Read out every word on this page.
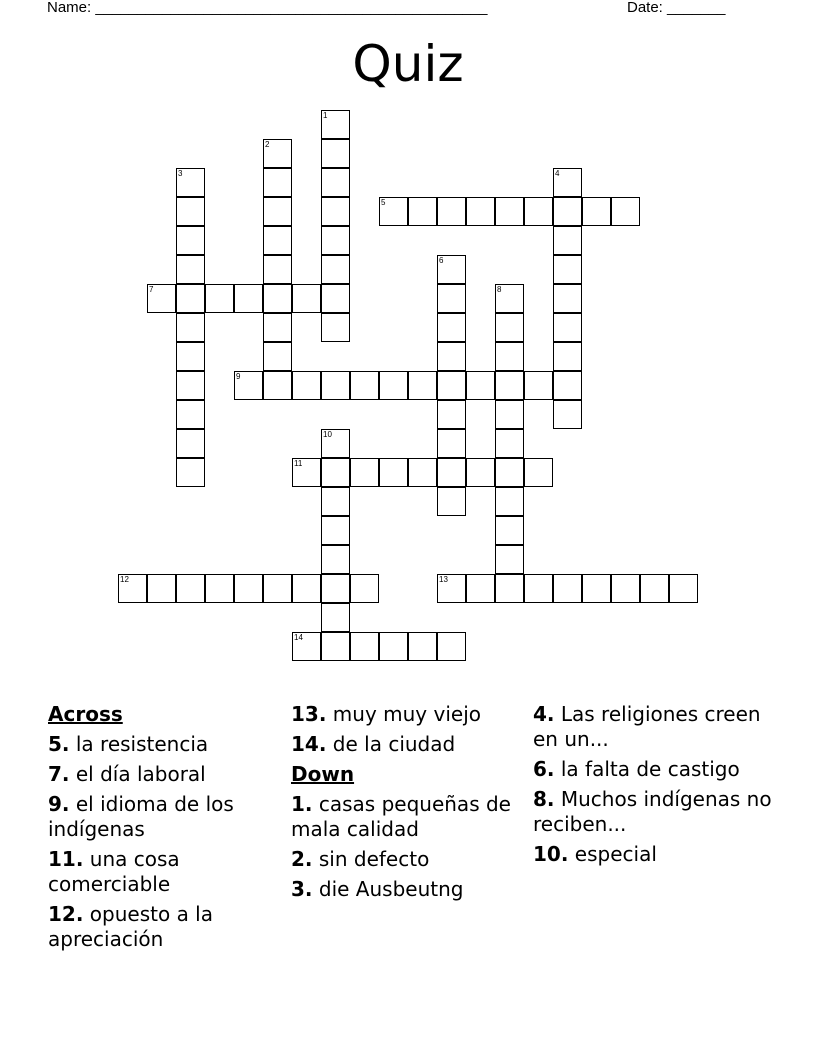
Name: _______________________________________________	Date: _______
Quiz
1
2
3	4
5
6
7	8
9
10
11
12	13
14
Across
5. la resistencia
7. el día laboral
9. el idioma de los indígenas
11. una cosa comerciable
12. opuesto a la apreciación
13. muy muy viejo
14. de la ciudad
Down
1. casas pequeñas de mala calidad
2. sin defecto
3. die Ausbeutng
4. Las religiones creen en un...
6. la falta de castigo
8. Muchos indígenas no reciben...
10. especial
